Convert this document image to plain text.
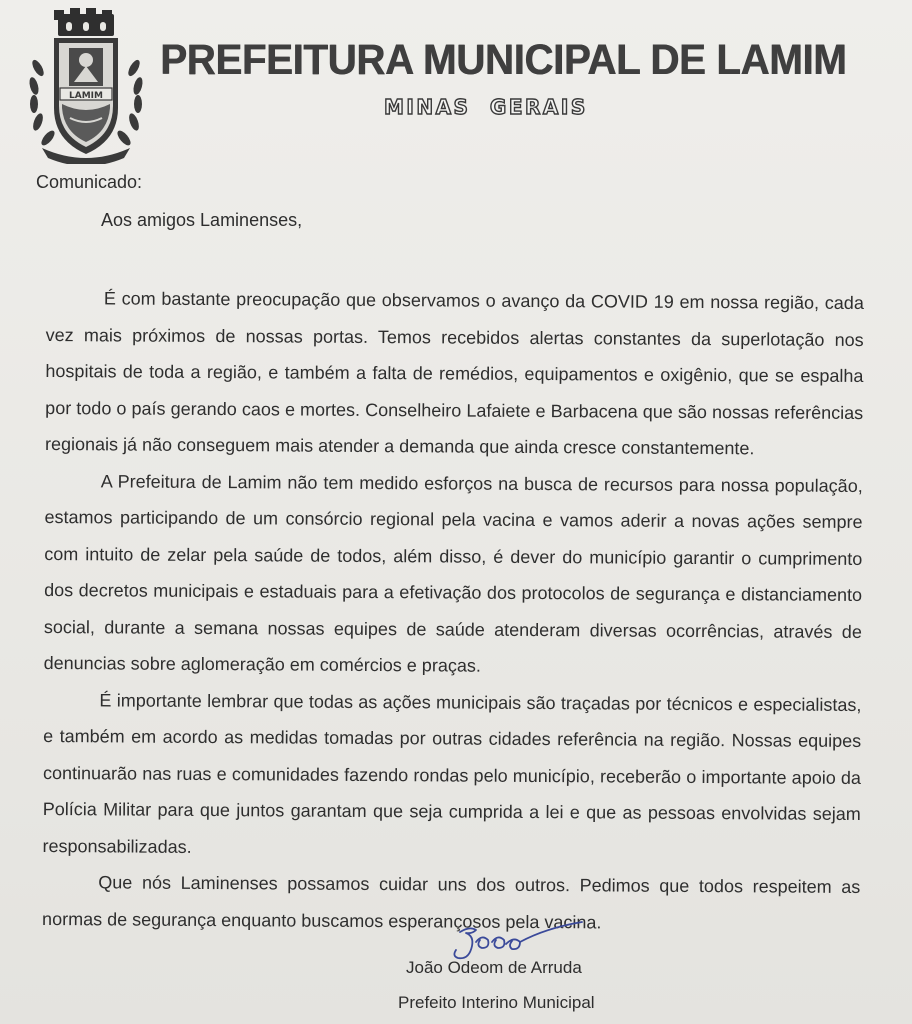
LAMIM
PREFEITURA MUNICIPAL DE LAMIM
MINAS GERAIS
Comunicado:
Aos amigos Laminenses,

É com bastante preocupação que observamos o avanço da COVID 19 em nossa região, cada vez mais próximos de nossas portas. Temos recebidos alertas constantes da superlotação nos hospitais de toda a região, e também a falta de remédios, equipamentos e oxigênio, que se espalha por todo o país gerando caos e mortes. Conselheiro Lafaiete e Barbacena que são nossas referências regionais já não conseguem mais atender a demanda que ainda cresce constantemente.

A Prefeitura de Lamim não tem medido esforços na busca de recursos para nossa população, estamos participando de um consórcio regional pela vacina e vamos aderir a novas ações sempre com intuito de zelar pela saúde de todos, além disso, é dever do município garantir o cumprimento dos decretos municipais e estaduais para a efetivação dos protocolos de segurança e distanciamento social, durante a semana nossas equipes de saúde atenderam diversas ocorrências, através de denuncias sobre aglomeração em comércios e praças.

É importante lembrar que todas as ações municipais são traçadas por técnicos e especialistas, e também em acordo as medidas tomadas por outras cidades referência na região. Nossas equipes continuarão nas ruas e comunidades fazendo rondas pelo município, receberão o importante apoio da Polícia Militar para que juntos garantam que seja cumprida a lei e que as pessoas envolvidas sejam responsabilizadas.

Que nós Laminenses possamos cuidar uns dos outros. Pedimos que todos respeitem as normas de segurança enquanto buscamos esperançosos pela vacina.

João Odeom de Arruda
Prefeito Interino Municipal
